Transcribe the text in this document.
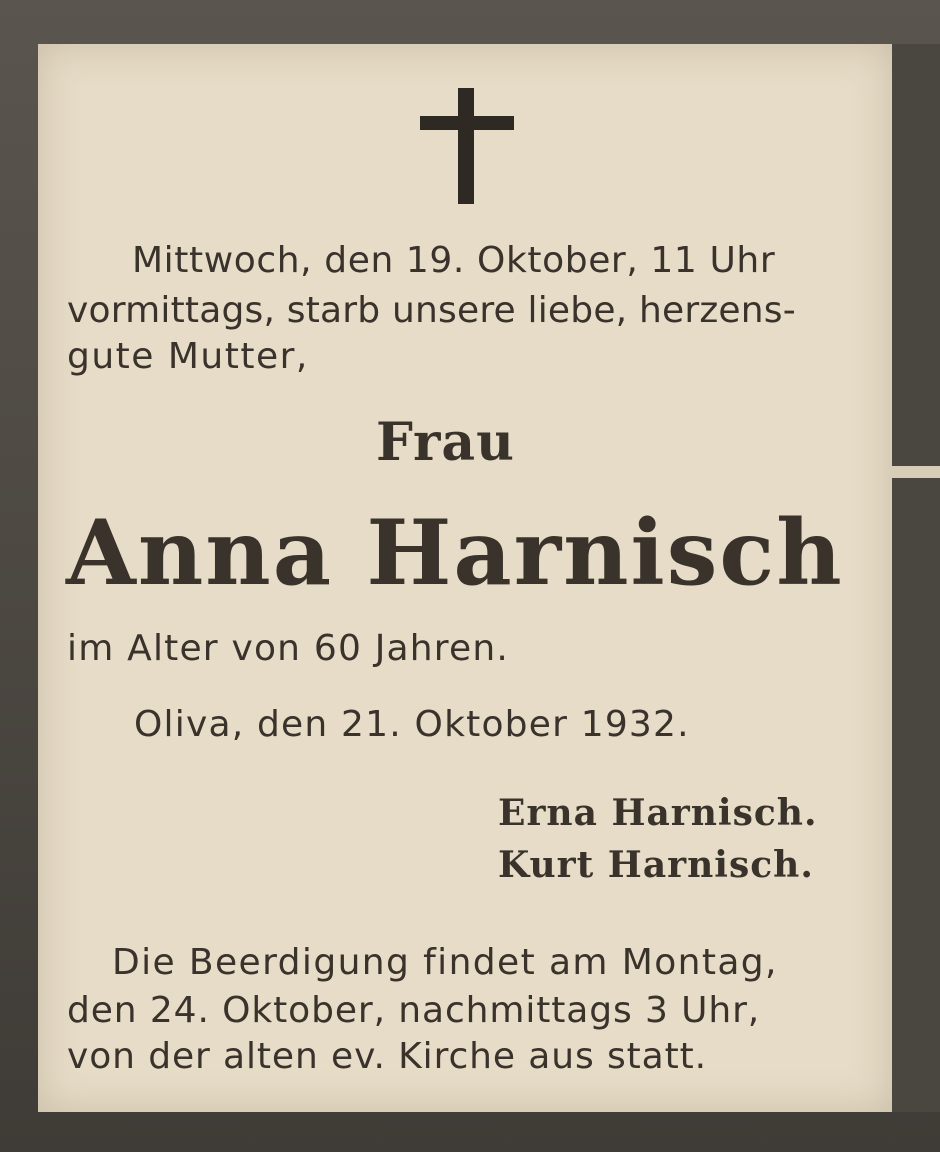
Mittwoch, den 19. Oktober, 11 Uhr

vormittags, starb unsere liebe, herzens-

gute Mutter,

Frau

Anna Harnisch

im Alter von 60 Jahren.

Oliva, den 21. Oktober 1932.

Erna Harnisch.

Kurt Harnisch.

Die Beerdigung findet am Montag,

den 24. Oktober, nachmittags 3 Uhr,

von der alten ev. Kirche aus statt.
